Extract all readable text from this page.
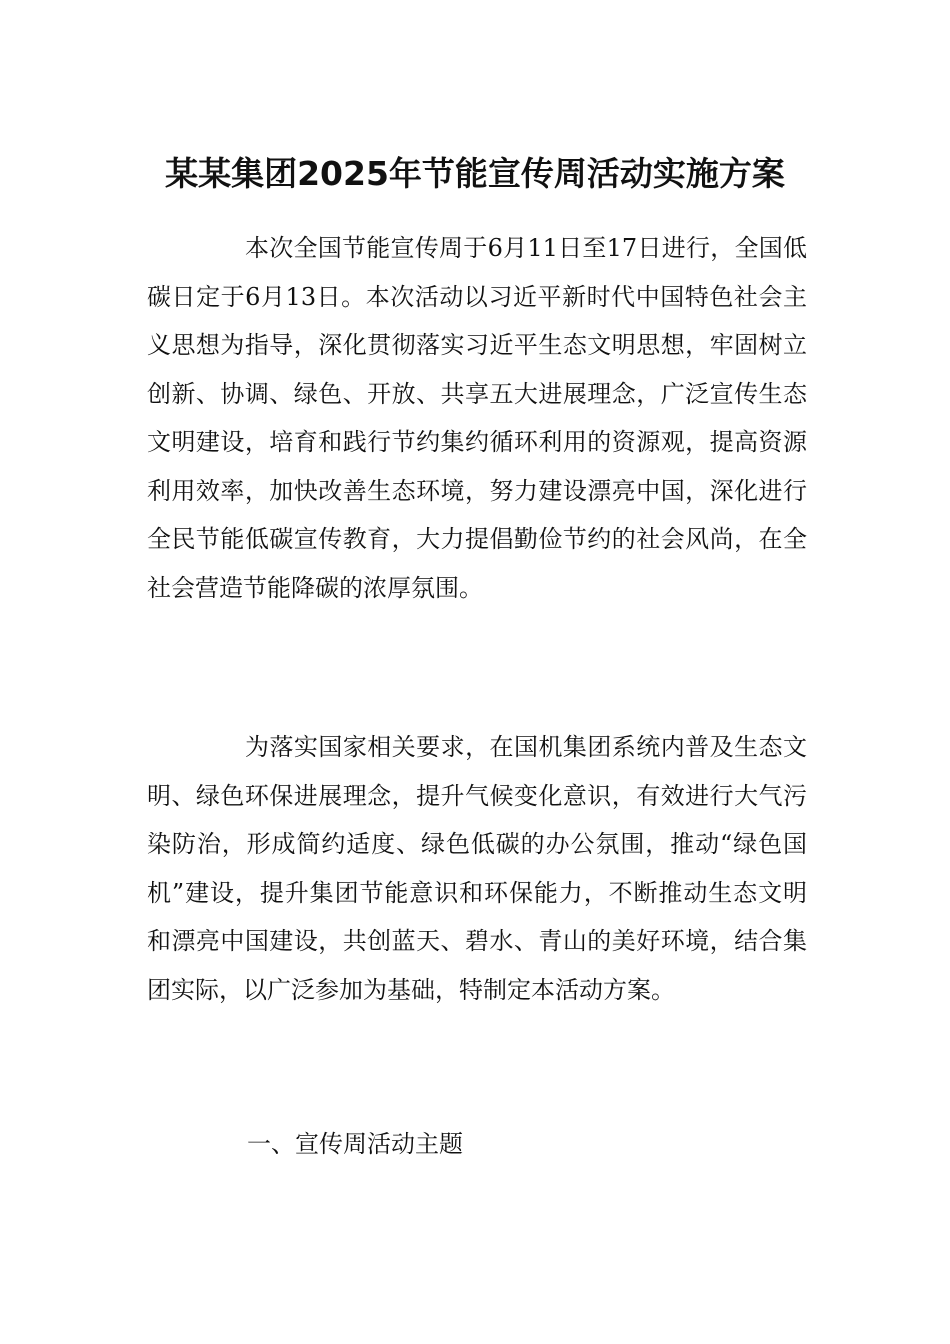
某某集团2025年节能宣传周活动实施方案

本次全国节能宣传周于6月11日至17日进行，全国低碳日定于6月13日。本次活动以习近平新时代中国特色社会主义思想为指导，深化贯彻落实习近平生态文明思想，牢固树立创新、协调、绿色、开放、共享五大进展理念，广泛宣传生态文明建设，培育和践行节约集约循环利用的资源观，提高资源利用效率，加快改善生态环境，努力建设漂亮中国，深化进行全民节能低碳宣传教育，大力提倡勤俭节约的社会风尚，在全社会营造节能降碳的浓厚氛围。

为落实国家相关要求，在国机集团系统内普及生态文明、绿色环保进展理念，提升气候变化意识，有效进行大气污染防治，形成简约适度、绿色低碳的办公氛围，推动“绿色国机”建设，提升集团节能意识和环保能力，不断推动生态文明和漂亮中国建设，共创蓝天、碧水、青山的美好环境，结合集团实际，以广泛参加为基础，特制定本活动方案。

一、宣传周活动主题
